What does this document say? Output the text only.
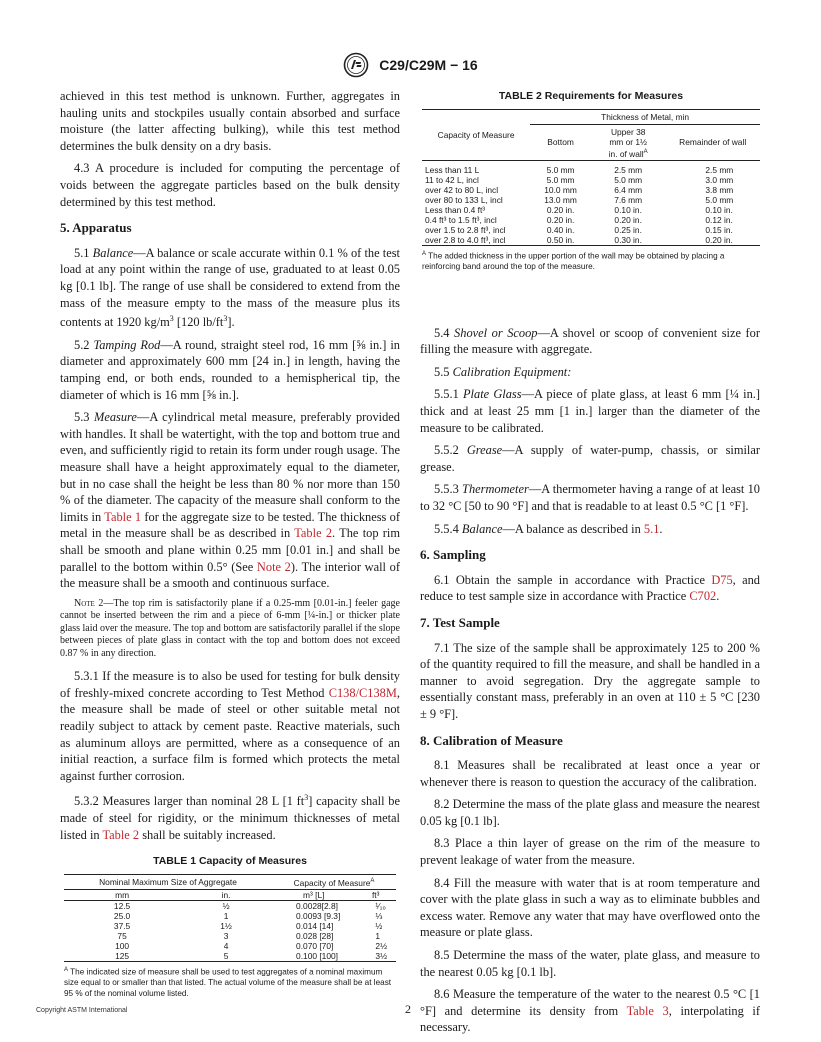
C29/C29M − 16

achieved in this test method is unknown. Further, aggregates in hauling units and stockpiles usually contain absorbed and surface moisture (the latter affecting bulking), while this test method determines the bulk density on a dry basis.

4.3 A procedure is included for computing the percentage of voids between the aggregate particles based on the bulk density determined by this test method.

5. Apparatus

5.1 Balance—A balance or scale accurate within 0.1 % of the test load at any point within the range of use, graduated to at least 0.05 kg [0.1 lb]. The range of use shall be considered to extend from the mass of the measure empty to the mass of the measure plus its contents at 1920 $kg/m^3$ [120 $lb/ft^3$].

5.2 Tamping Rod—A round, straight steel rod, 16 mm [⅝ in.] in diameter and approximately 600 mm [24 in.] in length, having the tamping end, or both ends, rounded to a hemispherical tip, the diameter of which is 16 mm [⅝ in.].

5.3 Measure—A cylindrical metal measure, preferably provided with handles. It shall be watertight, with the top and bottom true and even, and sufficiently rigid to retain its form under rough usage. The measure shall have a height approximately equal to the diameter, but in no case shall the height be less than 80 % nor more than 150 % of the diameter. The capacity of the measure shall conform to the limits in Table 1 for the aggregate size to be tested. The thickness of metal in the measure shall be as described in Table 2. The top rim shall be smooth and plane within 0.25 mm [0.01 in.] and shall be parallel to the bottom within 0.5° (See Note 2). The interior wall of the measure shall be a smooth and continuous surface.

Note 2—The top rim is satisfactorily plane if a 0.25-mm [0.01-in.] feeler gage cannot be inserted between the rim and a piece of 6-mm [¼-in.] or thicker plate glass laid over the measure. The top and bottom are satisfactorily parallel if the slope between pieces of plate glass in contact with the top and bottom does not exceed 0.87 % in any direction.

5.3.1 If the measure is to also be used for testing for bulk density of freshly-mixed concrete according to Test Method C138/C138M, the measure shall be made of steel or other suitable metal not readily subject to attack by cement paste. Reactive materials, such as aluminum alloys are permitted, where as a consequence of an initial reaction, a surface film is formed which protects the metal against further corrosion.

5.3.2 Measures larger than nominal 28 L [1 $ft^3$] capacity shall be made of steel for rigidity, or the minimum thicknesses of metal listed in Table 2 shall be suitably increased.

TABLE 1 Capacity of Measures
Nominal Maximum Size of Aggregate		Capacity of Measure$^A$
mm	in.	m³ [L]	ft³
12.5	½	0.0028[2.8]	¹⁄₁₀
25.0	1	0.0093 [9.3]	⅓
37.5	1½	0.014 [14]	½
75	3	0.028 [28]	1
100	4	0.070 [70]	2½
125	5	0.100 [100]	3½
$^A$ The indicated size of measure shall be used to test aggregates of a nominal maximum size equal to or smaller than that listed. The actual volume of the measure shall be at least 95 % of the nominal volume listed.
TABLE 2 Requirements for Measures
Capacity of Measure	Thickness of Metal, min		
	Bottom	Upper 38 mm or 1½ in. of wall$^A$	Remainder of wall

Less than 11 L	5.0 mm	2.5 mm	2.5 mm
11 to 42 L, incl	5.0 mm	5.0 mm	3.0 mm
over 42 to 80 L, incl	10.0 mm	6.4 mm	3.8 mm
over 80 to 133 L, incl	13.0 mm	7.6 mm	5.0 mm
Less than 0.4 ft³	0.20 in.	0.10 in.	0.10 in.
0.4 ft³ to 1.5 ft³, incl	0.20 in.	0.20 in.	0.12 in.
over 1.5 to 2.8 ft³, incl	0.40 in.	0.25 in.	0.15 in.
over 2.8 to 4.0 ft³, incl	0.50 in.	0.30 in.	0.20 in.
$^A$ The added thickness in the upper portion of the wall may be obtained by placing a reinforcing band around the top of the measure.

5.4 Shovel or Scoop—A shovel or scoop of convenient size for filling the measure with aggregate.

5.5 Calibration Equipment:

5.5.1 Plate Glass—A piece of plate glass, at least 6 mm [¼ in.] thick and at least 25 mm [1 in.] larger than the diameter of the measure to be calibrated.

5.5.2 Grease—A supply of water-pump, chassis, or similar grease.

5.5.3 Thermometer—A thermometer having a range of at least 10 to 32 °C [50 to 90 °F] and that is readable to at least 0.5 °C [1 °F].

5.5.4 Balance—A balance as described in 5.1.

6. Sampling

6.1 Obtain the sample in accordance with Practice D75, and reduce to test sample size in accordance with Practice C702.

7. Test Sample

7.1 The size of the sample shall be approximately 125 to 200 % of the quantity required to fill the measure, and shall be handled in a manner to avoid segregation. Dry the aggregate sample to essentially constant mass, preferably in an oven at 110 ± 5 °C [230 ± 9 °F].

8. Calibration of Measure

8.1 Measures shall be recalibrated at least once a year or whenever there is reason to question the accuracy of the calibration.

8.2 Determine the mass of the plate glass and measure the nearest 0.05 kg [0.1 lb].

8.3 Place a thin layer of grease on the rim of the measure to prevent leakage of water from the measure.

8.4 Fill the measure with water that is at room temperature and cover with the plate glass in such a way as to eliminate bubbles and excess water. Remove any water that may have overflowed onto the measure or plate glass.

8.5 Determine the mass of the water, plate glass, and measure to the nearest 0.05 kg [0.1 lb].

8.6 Measure the temperature of the water to the nearest 0.5 °C [1 °F] and determine its density from Table 3, interpolating if necessary.

Copyright ASTM International	2
